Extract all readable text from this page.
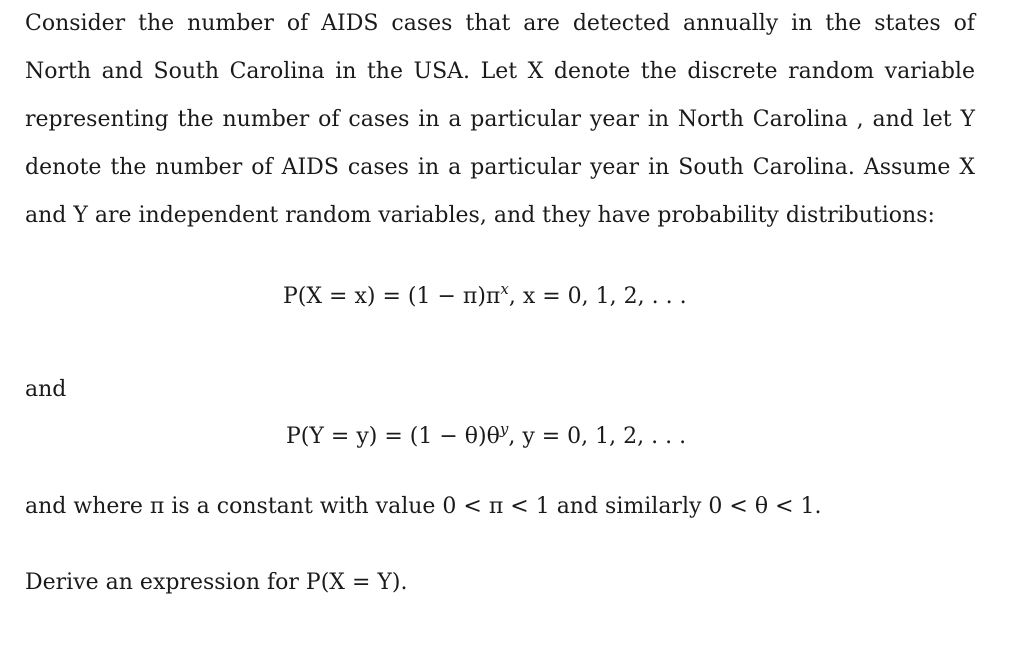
Consider the number of AIDS cases that are detected annually in the states of
North and South Carolina in the USA. Let X denote the discrete random variable
representing the number of cases in a particular year in North Carolina , and let Y
denote the number of AIDS cases in a particular year in South Carolina. Assume X
and Y are independent random variables, and they have probability distributions:
$P(X = x) = (1 - \pi)\pi^x$, x = 0, 1, 2, . . .
and
$P(Y = y) = (1 - \theta)\theta^y$, y = 0, 1, 2, . . .
and where π is a constant with value 0 < π < 1 and similarly 0 < θ < 1.
Derive an expression for P(X = Y).
